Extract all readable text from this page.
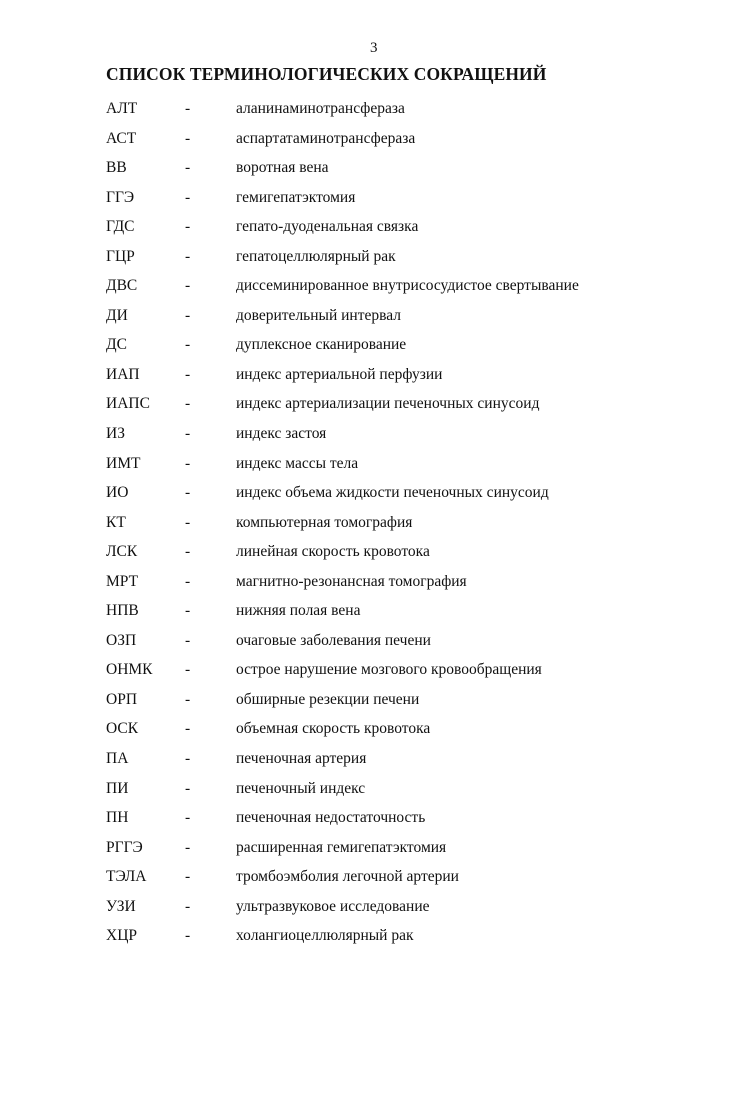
3
СПИСОК ТЕРМИНОЛОГИЧЕСКИХ СОКРАЩЕНИЙ
АЛТ	-	аланинаминотрансфераза
АСТ	-	аспартатаминотрансфераза
ВВ	-	воротная вена
ГГЭ	-	гемигепатэктомия
ГДС	-	гепато-дуоденальная связка
ГЦР	-	гепатоцеллюлярный рак
ДВС	-	диссеминированное внутрисосудистое свертывание
ДИ	-	доверительный интервал
ДС	-	дуплексное сканирование
ИАП	-	индекс артериальной перфузии
ИАПС -	индекс артериализации печеночных синусоид
ИЗ	-	индекс застоя
ИМТ	-	индекс массы тела
ИО	-	индекс объема жидкости печеночных синусоид
КТ	-	компьютерная томография
ЛСК	-	линейная скорость кровотока
МРТ	-	магнитно-резонансная томография
НПВ	-	нижняя полая вена
ОЗП	-	очаговые заболевания печени
ОНМК -	острое нарушение мозгового кровообращения
ОРП	-	обширные резекции печени
ОСК	-	объемная скорость кровотока
ПА	-	печеночная артерия
ПИ	-	печеночный индекс
ПН	-	печеночная недостаточность
РГГЭ	-	расширенная гемигепатэктомия
ТЭЛА -	тромбоэмболия легочной артерии
УЗИ	-	ультразвуковое исследование
ХЦР	-	холангиоцеллюлярный рак
